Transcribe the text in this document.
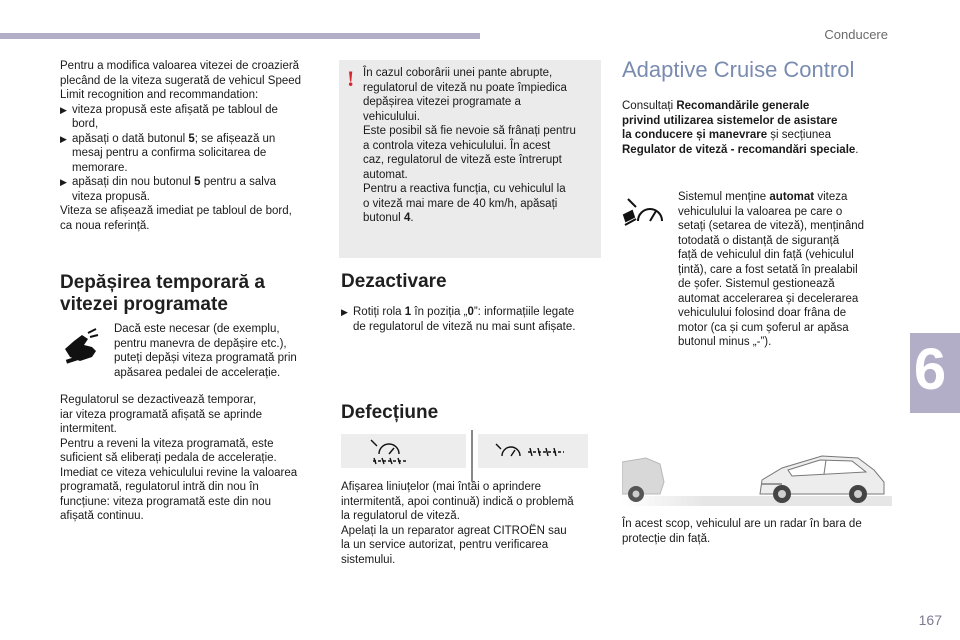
Conducere
6
167
Pentru a modifica valoarea vitezei de croazieră
plecând de la viteza sugerată de vehicul Speed
Limit recognition and recommandation:
▶ viteza propusă este afișată pe tabloul de
bord,
▶ apăsați o dată butonul 5; se afișează un
mesaj pentru a confirma solicitarea de
memorare.
▶ apăsați din nou butonul 5 pentru a salva
viteza propusă.
Viteza se afișează imediat pe tabloul de bord,
ca noua referință.
Depășirea temporară a
vitezei programate
Dacă este necesar (de exemplu,
pentru manevra de depășire etc.),
puteți depăși viteza programată prin
apăsarea pedalei de accelerație.
Regulatorul se dezactivează temporar,
iar viteza programată afișată se aprinde
intermitent.
Pentru a reveni la viteza programată, este
suficient să eliberați pedala de accelerație.
Imediat ce viteza vehiculului revine la valoarea
programată, regulatorul intră din nou în
funcțiune: viteza programată este din nou
afișată continuu.
! În cazul coborârii unei pante abrupte,
regulatorul de viteză nu poate împiedica
depășirea vitezei programate a
vehiculului.
Este posibil să fie nevoie să frânați pentru
a controla viteza vehiculului. În acest
caz, regulatorul de viteză este întrerupt
automat.
Pentru a reactiva funcția, cu vehiculul la
o viteză mai mare de 40 km/h, apăsați
butonul 4.
Dezactivare
▶ Rotiți rola 1 în poziția „0”: informațiile legate
de regulatorul de viteză nu mai sunt afișate.
Defecțiune
Afișarea liniuțelor (mai întâi o aprindere
intermitentă, apoi continuă) indică o problemă
la regulatorul de viteză.
Apelați la un reparator agreat CITROËN sau
la un service autorizat, pentru verificarea
sistemului.
Adaptive Cruise Control
Consultați Recomandările generale
privind utilizarea sistemelor de asistare
la conducere și manevrare și secțiunea
Regulator de viteză - recomandări speciale.
Sistemul menține automat viteza
vehiculului la valoarea pe care o
setați (setarea de viteză), menținând
totodată o distanță de siguranță
față de vehiculul din față (vehiculul
țintă), care a fost setată în prealabil
de șofer. Sistemul gestionează
automat accelerarea și decelerarea
vehiculului folosind doar frâna de
motor (ca și cum șoferul ar apăsa
butonul minus „-”).
În acest scop, vehiculul are un radar în bara de
protecție din față.
